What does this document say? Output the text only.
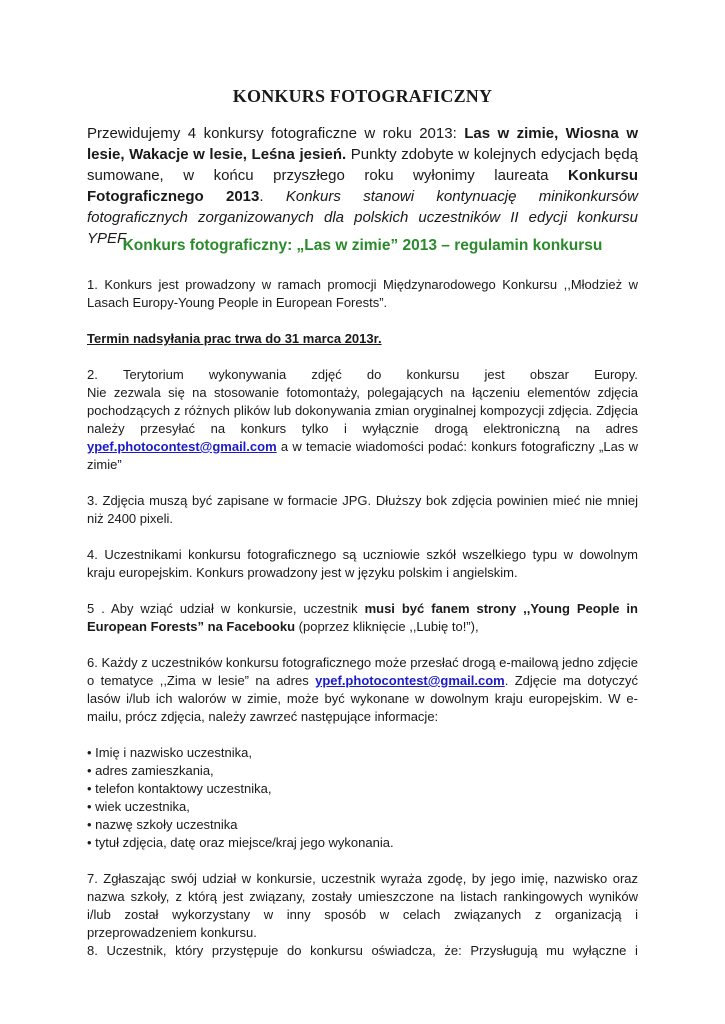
KONKURS FOTOGRAFICZNY
Przewidujemy 4 konkursy fotograficzne w roku 2013: Las w zimie, Wiosna w lesie, Wakacje w lesie, Leśna jesień. Punkty zdobyte w kolejnych edycjach będą sumowane, w końcu przyszłego roku wyłonimy laureata Konkursu Fotograficznego 2013. Konkurs stanowi kontynuację minikonkursów fotograficznych zorganizowanych dla polskich uczestników II edycji konkursu YPEF.
Konkurs fotograficzny: „Las w zimie” 2013 – regulamin konkursu

1. Konkurs jest prowadzony w ramach promocji Międzynarodowego Konkursu ,,Młodzież w Lasach Europy-Young People in European Forests”.

Termin nadsyłania prac trwa do 31 marca 2013r.

2. Terytorium wykonywania zdjęć do konkursu jest obszar Europy.

Nie zezwala się na stosowanie fotomontaży, polegających na łączeniu elementów zdjęcia pochodzących z różnych plików lub dokonywania zmian oryginalnej kompozycji zdjęcia. Zdjęcia należy przesyłać na konkurs tylko i wyłącznie drogą elektroniczną na adres ypef.photocontest@gmail.com a w temacie wiadomości podać: konkurs fotograficzny „Las w zimie”

3. Zdjęcia muszą być zapisane w formacie JPG. Dłuższy bok zdjęcia powinien mieć nie mniej niż 2400 pixeli.

4. Uczestnikami konkursu fotograficznego są uczniowie szkół wszelkiego typu w dowolnym kraju europejskim. Konkurs prowadzony jest w języku polskim i angielskim.

5 . Aby wziąć udział w konkursie, uczestnik musi być fanem strony ,,Young People in European Forests” na Facebooku (poprzez kliknięcie ,,Lubię to!”),

6. Każdy z uczestników konkursu fotograficznego może przesłać drogą e-mailową jedno zdjęcie o tematyce ,,Zima w lesie” na adres ypef.photocontest@gmail.com. Zdjęcie ma dotyczyć lasów i/lub ich walorów w zimie, może być wykonane w dowolnym kraju europejskim. W e-mailu, prócz zdjęcia, należy zawrzeć następujące informacje:

• Imię i nazwisko uczestnika,

• adres zamieszkania,

• telefon kontaktowy uczestnika,

• wiek uczestnika,

• nazwę szkoły uczestnika

• tytuł zdjęcia, datę oraz miejsce/kraj jego wykonania.

7. Zgłaszając swój udział w konkursie, uczestnik wyraża zgodę, by jego imię, nazwisko oraz nazwa szkoły, z którą jest związany, zostały umieszczone na listach rankingowych wyników i/lub został wykorzystany w inny sposób w celach związanych z organizacją i przeprowadzeniem konkursu.

8. Uczestnik, który przystępuje do konkursu oświadcza, że: Przysługują mu wyłączne i
